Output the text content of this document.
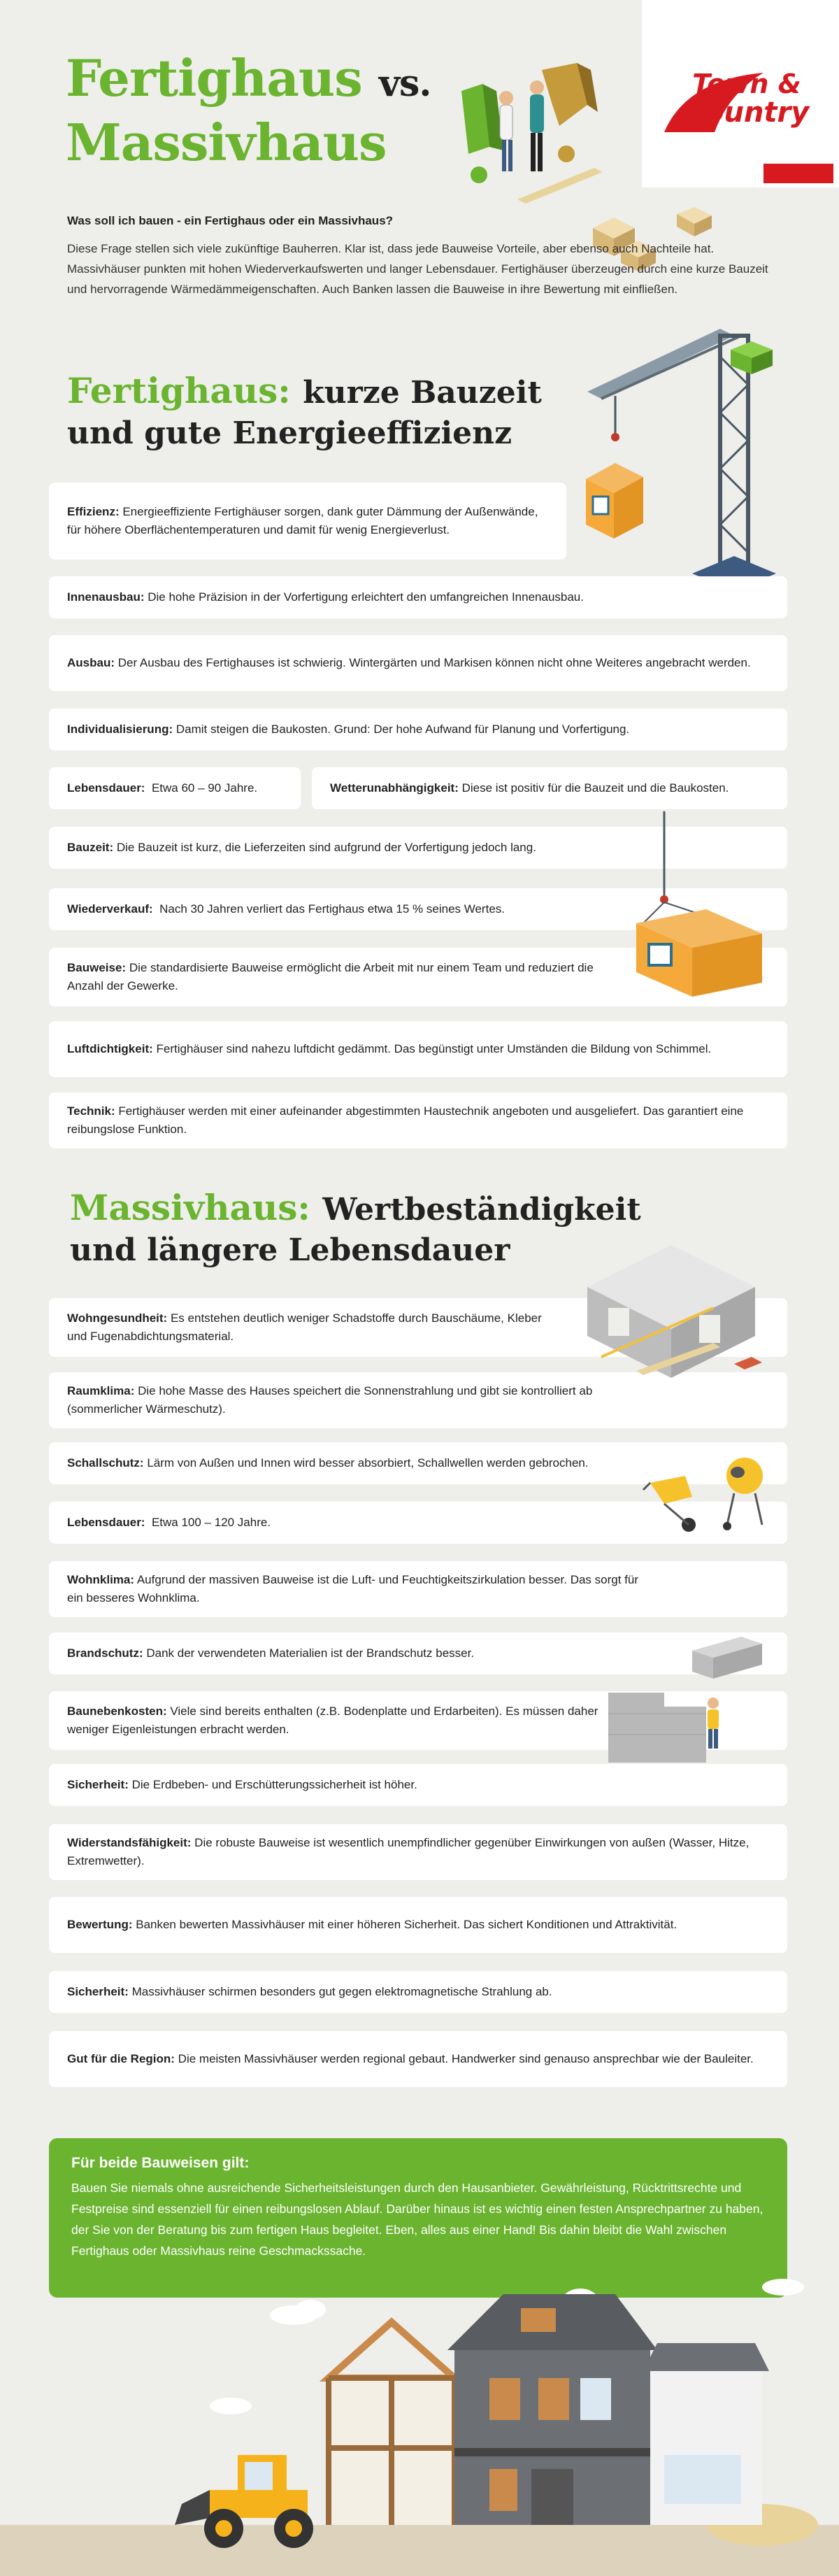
Fertighaus vs.
Massivhaus
Town &
Country
HAUS
Was soll ich bauen - ein Fertighaus oder ein Massivhaus?
Diese Frage stellen sich viele zukünftige Bauherren. Klar ist, dass jede Bauweise Vorteile, aber ebenso auch Nachteile hat. Massivhäuser punkten mit hohen Wiederverkaufswerten und langer Lebensdauer. Fertighäuser überzeugen durch eine kurze Bauzeit und hervorragende Wärmedämmeigenschaften. Auch Banken lassen die Bauweise in ihre Bewertung mit einfließen.
Fertighaus: kurze Bauzeit
und gute Energieeffizienz
Effizienz: Energieeffiziente Fertighäuser sorgen, dank guter Dämmung der Außenwände, für höhere Oberflächentemperaturen und damit für wenig Energieverlust.
Innenausbau: Die hohe Präzision in der Vorfertigung erleichtert den umfangreichen Innenausbau.
Ausbau: Der Ausbau des Fertighauses ist schwierig. Wintergärten und Markisen können nicht ohne Weiteres angebracht werden.
Individualisierung: Damit steigen die Baukosten. Grund: Der hohe Aufwand für Planung und Vorfertigung.
Lebensdauer: Etwa 60 – 90 Jahre.	Wetterunabhängigkeit: Diese ist positiv für die Bauzeit und die Baukosten.
Bauzeit: Die Bauzeit ist kurz, die Lieferzeiten sind aufgrund der Vorfertigung jedoch lang.
Wiederverkauf: Nach 30 Jahren verliert das Fertighaus etwa 15 % seines Wertes.
Bauweise: Die standardisierte Bauweise ermöglicht die Arbeit mit nur einem Team und reduziert die Anzahl der Gewerke.
Luftdichtigkeit: Fertighäuser sind nahezu luftdicht gedämmt. Das begünstigt unter Umständen die Bildung von Schimmel.
Technik: Fertighäuser werden mit einer aufeinander abgestimmten Haustechnik angeboten und ausgeliefert. Das garantiert eine reibungslose Funktion.
Massivhaus: Wertbeständigkeit
und längere Lebensdauer
Wohngesundheit: Es entstehen deutlich weniger Schadstoffe durch Bauschäume, Kleber und Fugenabdichtungsmaterial.
Raumklima: Die hohe Masse des Hauses speichert die Sonnenstrahlung und gibt sie kontrolliert ab (sommerlicher Wärmeschutz).
Schallschutz: Lärm von Außen und Innen wird besser absorbiert, Schallwellen werden gebrochen.
Lebensdauer: Etwa 100 – 120 Jahre.
Wohnklima: Aufgrund der massiven Bauweise ist die Luft- und Feuchtigkeitszirkulation besser. Das sorgt für ein besseres Wohnklima.
Brandschutz: Dank der verwendeten Materialien ist der Brandschutz besser.
Baunebenkosten: Viele sind bereits enthalten (z.B. Bodenplatte und Erdarbeiten). Es müssen daher weniger Eigenleistungen erbracht werden.
Sicherheit: Die Erdbeben- und Erschütterungssicherheit ist höher.
Widerstandsfähigkeit: Die robuste Bauweise ist wesentlich unempfindlicher gegenüber Einwirkungen von außen (Wasser, Hitze, Extremwetter).
Bewertung: Banken bewerten Massivhäuser mit einer höheren Sicherheit. Das sichert Konditionen und Attraktivität.
Sicherheit: Massivhäuser schirmen besonders gut gegen elektromagnetische Strahlung ab.
Gut für die Region: Die meisten Massivhäuser werden regional gebaut. Handwerker sind genauso ansprechbar wie der Bauleiter.
Für beide Bauweisen gilt:
Bauen Sie niemals ohne ausreichende Sicherheitsleistungen durch den Hausanbieter. Gewährleistung, Rücktrittsrechte und Festpreise sind essenziell für einen reibungslosen Ablauf. Darüber hinaus ist es wichtig einen festen Ansprechpartner zu haben, der Sie von der Beratung bis zum fertigen Haus begleitet. Eben, alles aus einer Hand! Bis dahin bleibt die Wahl zwischen Fertighaus oder Massivhaus reine Geschmackssache.
